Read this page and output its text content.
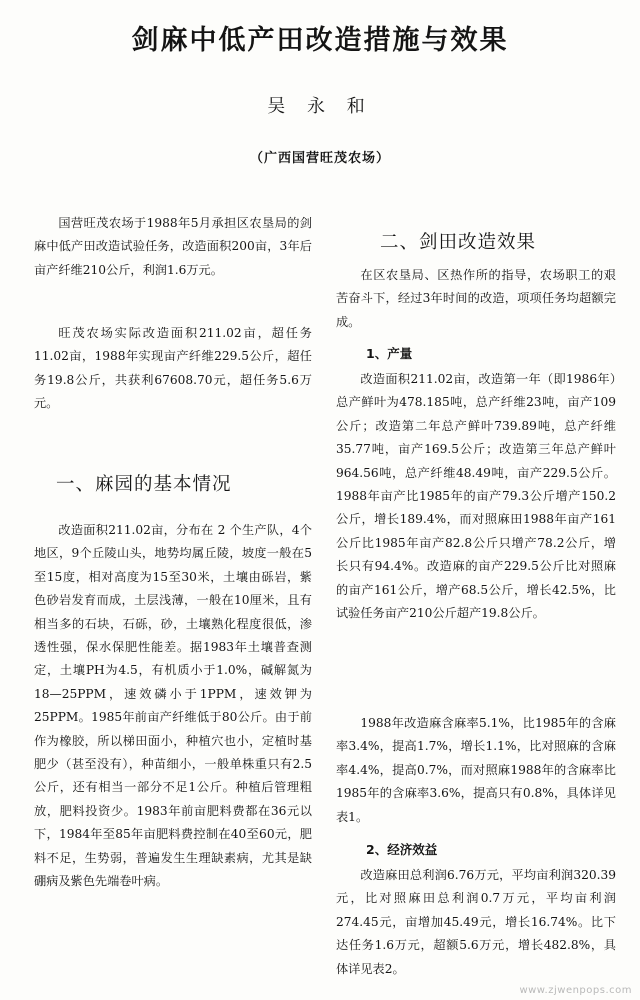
剑麻中低产田改造措施与效果
吴 永 和
（广西国营旺茂农场）

国营旺茂农场于1988年5月承担区农垦局的剑麻中低产田改造试验任务，改造面积200亩，3年后亩产纤维210公斤，利润1.6万元。

旺茂农场实际改造面积211.02亩，超任务11.02亩，1988年实现亩产纤维229.5公斤，超任务19.8公斤，共获利67608.70元，超任务5.6万元。

一、麻园的基本情况

改造面积211.02亩，分布在 2 个生产队，4个地区，9个丘陵山头，地势均属丘陵，坡度一般在5至15度，相对高度为15至30米，土壤由砾岩，紫色砂岩发育而成，土层浅薄，一般在10厘米，且有相当多的石块，石砾，砂，土壤熟化程度很低，渗透性强，保水保肥性能差。据1983年土壤普查测定，土壤PH为4.5，有机质小于1.0%，碱解氮为18—25PPM，速效磷小于1PPM，速效钾为25PPM。1985年前亩产纤维低于80公斤。由于前作为橡胶，所以梯田面小，种植穴也小，定植时基肥少（甚至没有），种苗细小，一般单株重只有2.5公斤，还有相当一部分不足1公斤。种植后管理粗放，肥料投资少。1983年前亩肥料费都在36元以下，1984年至85年亩肥料费控制在40至60元，肥料不足，生势弱，普遍发生生理缺素病，尤其是缺硼病及紫色先端卷叶病。

二、剑田改造效果

在区农垦局、区热作所的指导，农场职工的艰苦奋斗下，经过3年时间的改造，项项任务均超额完成。

1、产量

改造面积211.02亩，改造第一年（即1986年）总产鲜叶为478.185吨，总产纤维23吨，亩产109公斤；改造第二年总产鲜叶739.89吨，总产纤维35.77吨，亩产169.5公斤；改造第三年总产鲜叶964.56吨，总产纤维48.49吨，亩产229.5公斤。1988年亩产比1985年的亩产79.3公斤增产150.2公斤，增长189.4%，而对照麻田1988年亩产161公斤比1985年亩产82.8公斤只增产78.2公斤，增长只有94.4%。改造麻的亩产229.5公斤比对照麻的亩产161公斤，增产68.5公斤，增长42.5%，比试验任务亩产210公斤超产19.8公斤。

1988年改造麻含麻率5.1%，比1985年的含麻率3.4%，提高1.7%，增长1.1%，比对照麻的含麻率4.4%，提高0.7%，而对照麻1988年的含麻率比1985年的含麻率3.6%，提高只有0.8%，具体详见表1。

2、经济效益

改造麻田总利润6.76万元，平均亩利润320.39元，比对照麻田总利润0.7万元，平均亩利润274.45元，亩增加45.49元，增长16.74%。比下达任务1.6万元，超额5.6万元，增长482.8%，具体详见表2。

www.zjwenpops.com
